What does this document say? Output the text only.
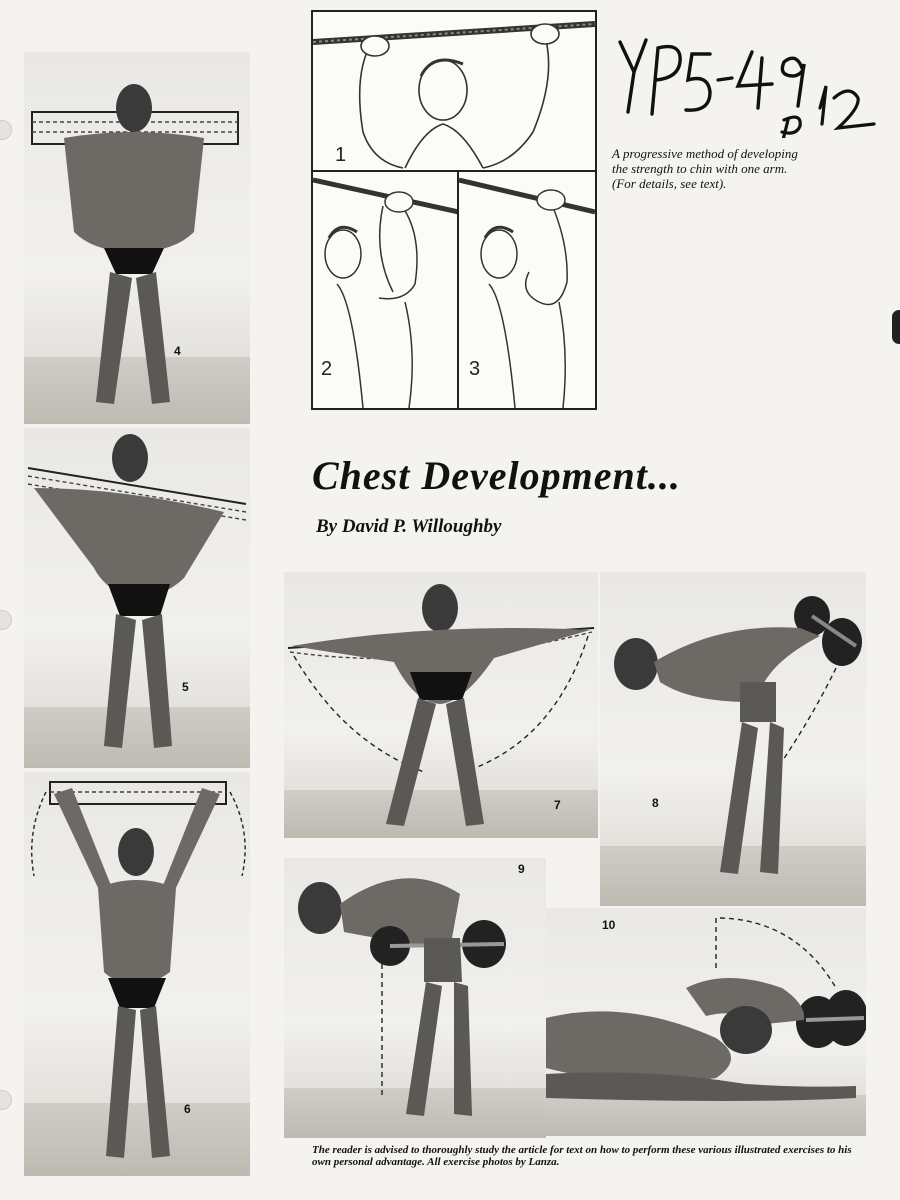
1
2	3
A progressive method of developing the strength to chin with one arm. (For details, see text).
Chest Development...
By David P. Willoughby
4
5
6
7	8
9
10
The reader is advised to thoroughly study the article for text on how to perform these various illustrated exercises to his own personal advantage. All exercise photos by Lanza.
